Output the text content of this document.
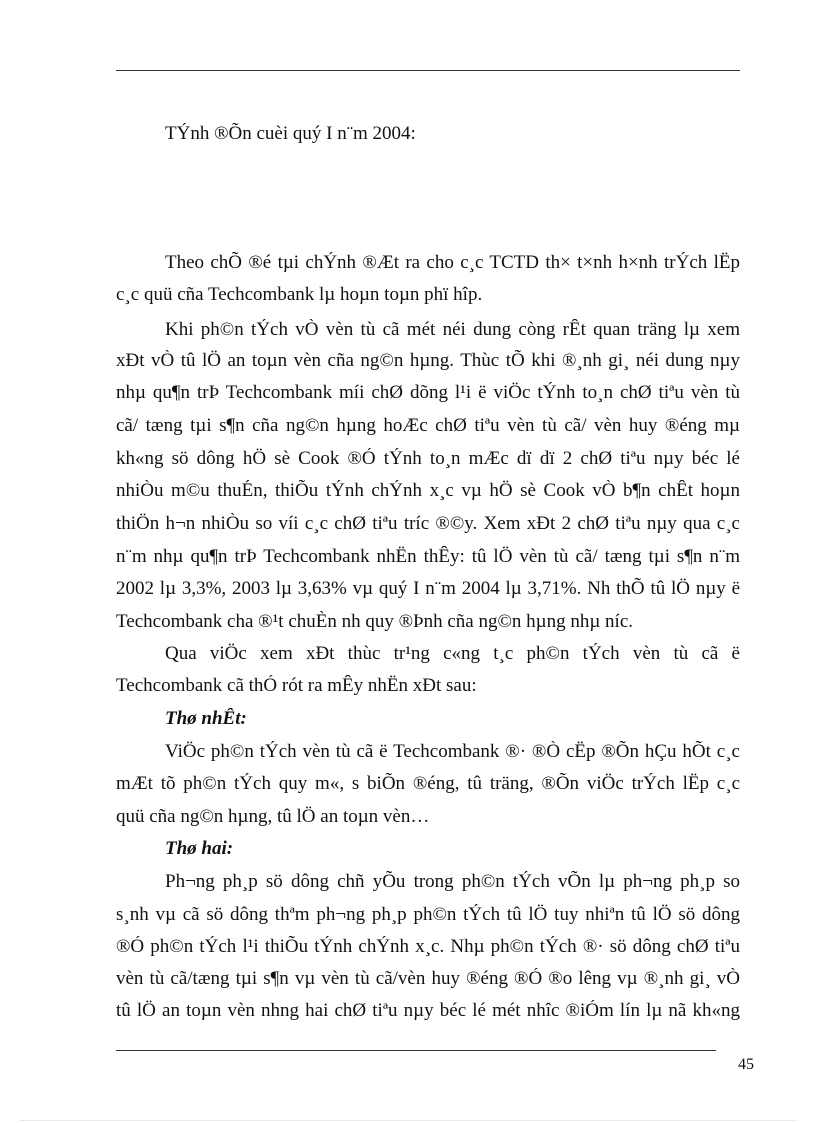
TÝnh ®Õn cuèi quý I n¨m 2004:
Theo chÕ ®é tµi chÝnh ®Æt ra cho c¸c TCTD th× t×nh h×nh trÝch lËp
c¸c quü cña Techcombank lµ hoµn toµn phï hîp.
Khi ph©n tÝch vÒ vèn tù cã mét néi dung còng rÊt quan träng lµ xem
xÐt vÒ tû lÖ an toµn vèn cña ng©n hµng. Thùc tÕ khi ®¸nh gi¸ néi dung nµy
nhµ qu¶n trÞ Techcombank míi chØ dõng l¹i ë viÖc tÝnh to¸n chØ tiªu vèn tù
cã/ tæng tµi s¶n cña ng©n hµng hoÆc chØ tiªu vèn tù cã/ vèn huy ®éng mµ
kh«ng sö dông hÖ sè Cook ®Ó tÝnh to¸n mÆc dï dï 2 chØ tiªu nµy béc lé
nhiÒu m©u thuÉn, thiÕu tÝnh chÝnh x¸c vµ hÖ sè Cook vÒ b¶n chÊt hoµn
thiÖn h¬n nhiÒu so víi c¸c chØ tiªu tríc ®©y. Xem xÐt 2 chØ tiªu nµy qua c¸c
n¨m nhµ qu¶n trÞ Techcombank nhËn thÊy: tû lÖ vèn tù cã/ tæng tµi s¶n n¨m
2002 lµ 3,3%, 2003 lµ 3,63% vµ quý I n¨m 2004 lµ 3,71%. Nh thÕ tû lÖ nµy ë
Techcombank cha ®¹t chuÈn nh quy ®Þnh cña ng©n hµng nhµ níc.
Qua viÖc xem xÐt thùc tr¹ng c«ng t¸c ph©n tÝch vèn tù cã ë
Techcombank cã thÓ rót ra mÊy nhËn xÐt sau:
Thø nhÊt:
ViÖc ph©n tÝch vèn tù cã ë Techcombank ®· ®Ò cËp ®Õn hÇu hÕt c¸c
mÆt tõ ph©n tÝch quy m«, s biÕn ®éng, tû träng, ®Õn viÖc trÝch lËp c¸c
quü cña ng©n hµng, tû lÖ an toµn vèn…
Thø hai:
Ph¬ng ph¸p sö dông chñ yÕu trong ph©n tÝch vÕn lµ ph¬ng ph¸p so
s¸nh vµ cã sö dông thªm ph¬ng ph¸p ph©n tÝch tû lÖ tuy nhiªn tû lÖ sö dông
®Ó ph©n tÝch l¹i thiÕu tÝnh chÝnh x¸c. Nhµ ph©n tÝch ®· sö dông chØ tiªu
vèn tù cã/tæng tµi s¶n vµ vèn tù cã/vèn huy ®éng ®Ó ®o lêng vµ ®¸nh gi¸ vÒ
tû lÖ an toµn vèn nhng hai chØ tiªu nµy béc lé mét nhîc ®iÓm lín lµ nã kh«ng
45
